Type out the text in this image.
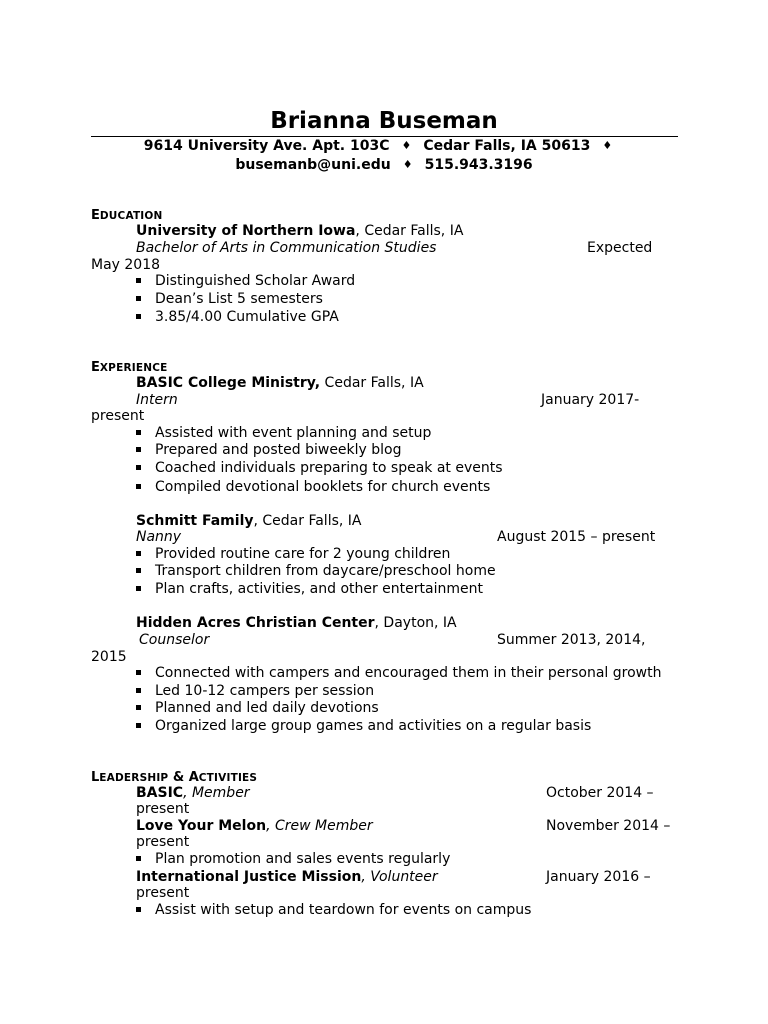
Brianna Buseman
9614 University Ave. Apt. 103C ♦ Cedar Falls, IA 50613 ♦
busemanb@uni.edu ♦ 515.943.3196
EDUCATION
University of Northern Iowa, Cedar Falls, IA
Bachelor of Arts in Communication Studies	Expected
May 2018
Distinguished Scholar Award
Dean’s List 5 semesters
3.85/4.00 Cumulative GPA
EXPERIENCE
BASIC College Ministry, Cedar Falls, IA
Intern	January 2017-
present
Assisted with event planning and setup
Prepared and posted biweekly blog
Coached individuals preparing to speak at events
Compiled devotional booklets for church events
Schmitt Family, Cedar Falls, IA
Nanny	August 2015 – present
Provided routine care for 2 young children
Transport children from daycare/preschool home
Plan crafts, activities, and other entertainment
Hidden Acres Christian Center, Dayton, IA
Counselor	Summer 2013, 2014,
2015
Connected with campers and encouraged them in their personal growth
Led 10-12 campers per session
Planned and led daily devotions
Organized large group games and activities on a regular basis
LEADERSHIP & ACTIVITIES
BASIC, Member	October 2014 –
present
Love Your Melon, Crew Member	November 2014 –
present
Plan promotion and sales events regularly
International Justice Mission, Volunteer	January 2016 –
present
Assist with setup and teardown for events on campus
